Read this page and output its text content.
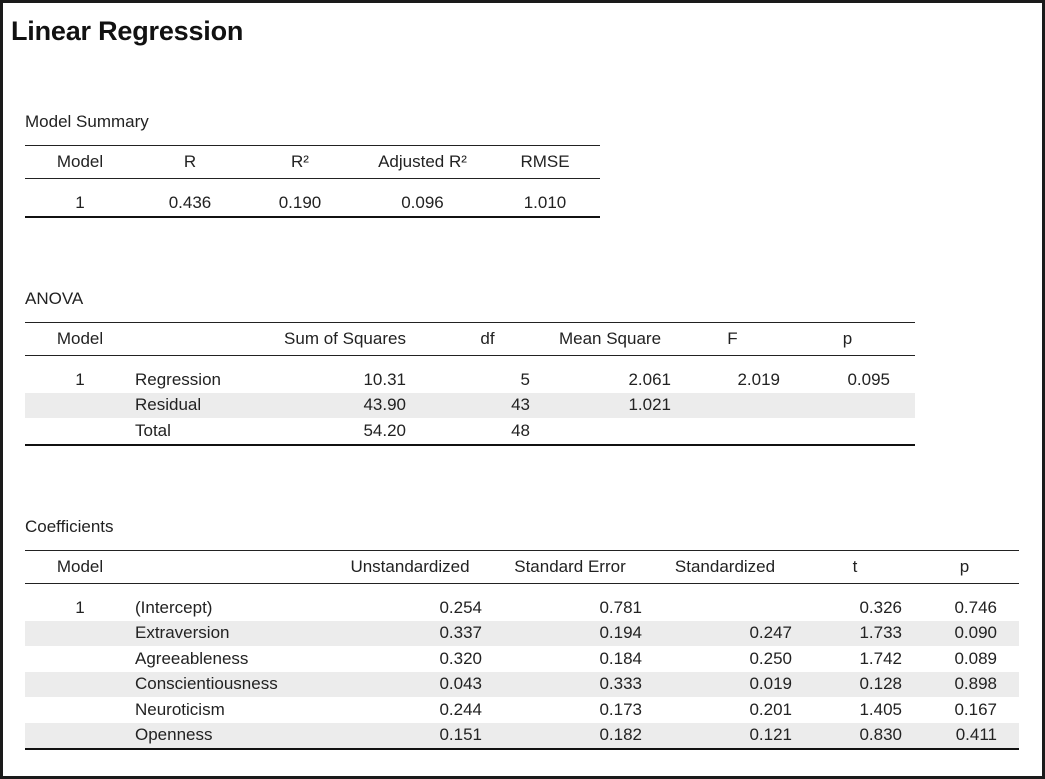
Linear Regression
Model Summary
Model	R	R²	Adjusted R²	RMSE

1	0.436	0.190	0.096	1.010
ANOVA
Model		Sum of Squares	df	Mean Square	F	p

1	Regression	10.31	5	2.061	2.019	0.095
	Residual	43.90	43	1.021		
	Total	54.20	48			
Coefficients
Model		Unstandardized	Standard Error	Standardized	t	p

1	(Intercept)	0.254	0.781		0.326	0.746
	Extraversion	0.337	0.194	0.247	1.733	0.090
	Agreeableness	0.320	0.184	0.250	1.742	0.089
	Conscientiousness	0.043	0.333	0.019	0.128	0.898
	Neuroticism	0.244	0.173	0.201	1.405	0.167
	Openness	0.151	0.182	0.121	0.830	0.411
